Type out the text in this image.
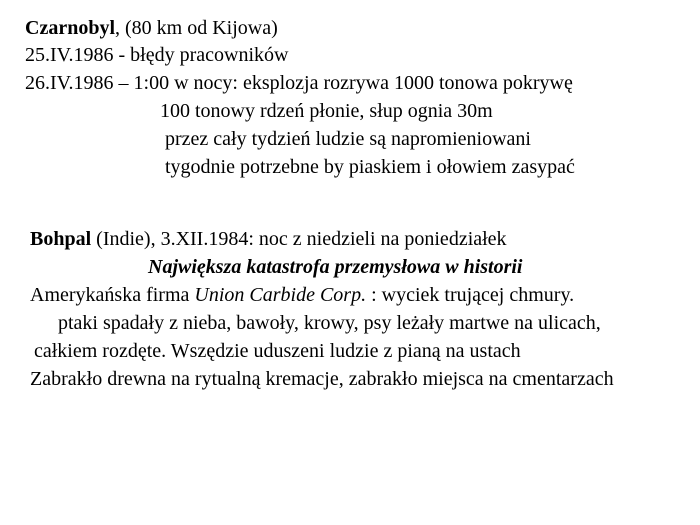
Czarnobyl, (80 km od Kijowa)
25.IV.1986 - błędy pracowników
26.IV.1986 – 1:00 w nocy: eksplozja rozrywa 1000 tonowa pokrywę
100 tonowy rdzeń płonie, słup ognia 30m
przez cały tydzień ludzie są napromieniowani
tygodnie potrzebne by piaskiem i ołowiem zasypać
Bohpal (Indie), 3.XII.1984: noc z niedzieli na poniedziałek
Największa katastrofa przemysłowa w historii
Amerykańska firma Union Carbide Corp. : wyciek trującej chmury.
ptaki spadały z nieba, bawoły, krowy, psy leżały martwe na ulicach,
całkiem rozdęte. Wszędzie uduszeni ludzie z pianą na ustach
Zabrakło drewna na rytualną kremacje, zabrakło miejsca na cmentarzach
